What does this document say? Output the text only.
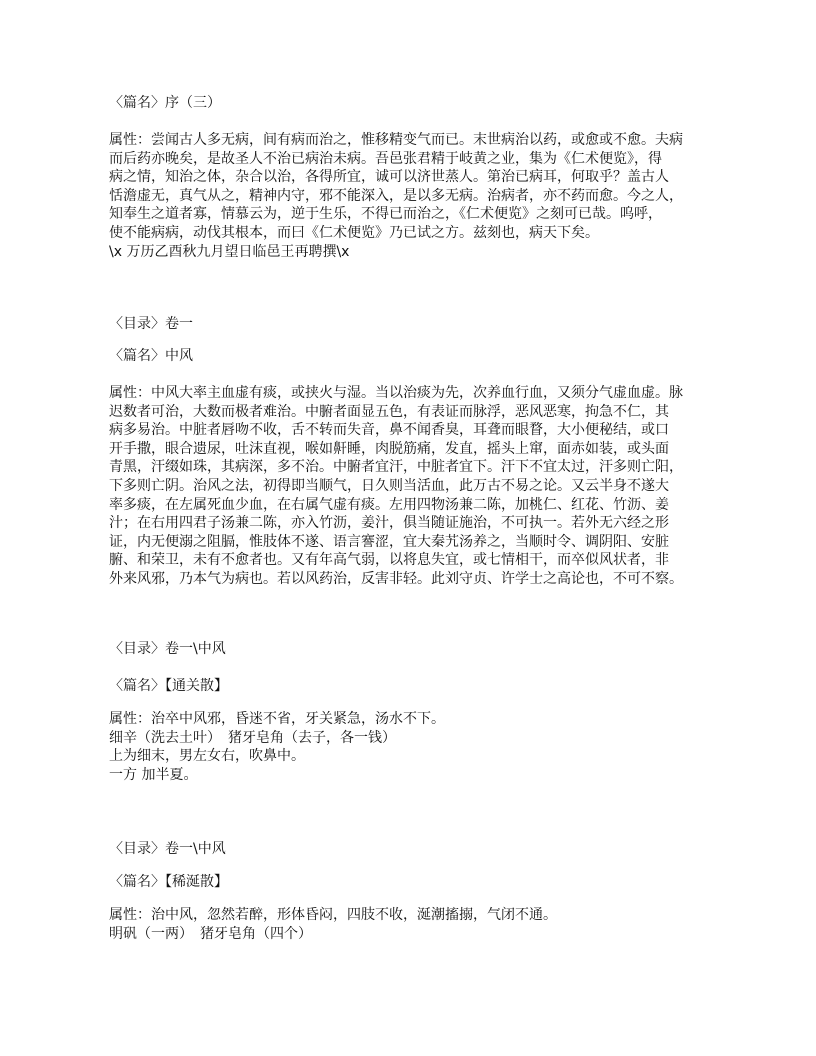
〈篇名〉序（三）
属性：尝闻古人多无病，间有病而治之，惟移精变气而已。末世病治以药，或愈或不愈。夫病
而后药亦晚矣，是故圣人不治已病治未病。吾邑张君精于岐黄之业，集为《仁术便览》，得
病之情，知治之体，杂合以治，各得所宜，诚可以济世蒸人。第治已病耳，何取乎？盖古人
恬澹虚无，真气从之，精神内守，邪不能深入，是以多无病。治病者，亦不药而愈。今之人，
知奉生之道者寡，情慕云为，逆于生乐，不得已而治之，《仁术便览》之刻可已哉。呜呼，
使不能病病，动伐其根本，而曰《仁术便览》乃已试之方。兹刻也，病天下矣。
\x 万历乙酉秋九月望日临邑王再聘撰\x
〈目录〉卷一
〈篇名〉中风
属性：中风大率主血虚有痰，或挟火与湿。当以治痰为先，次养血行血，又须分气虚血虚。脉
迟数者可治，大数而极者难治。中腑者面显五色，有表证而脉浮，恶风恶寒，拘急不仁，其
病多易治。中脏者唇吻不收，舌不转而失音，鼻不闻香臭，耳聋而眼瞀，大小便秘结，或口
开手撒，眼合遗尿，吐沫直视，喉如鼾睡，肉脱筋痛，发直，摇头上窜，面赤如装，或头面
青黑，汗缀如珠，其病深，多不治。中腑者宜汗，中脏者宜下。汗下不宜太过，汗多则亡阳，
下多则亡阴。治风之法，初得即当顺气，日久则当活血，此万古不易之论。又云半身不遂大
率多痰，在左属死血少血，在右属气虚有痰。左用四物汤兼二陈，加桃仁、红花、竹沥、姜
汁；在右用四君子汤兼二陈，亦入竹沥，姜汁，俱当随证施治，不可执一。若外无六经之形
证，内无便溺之阻膈，惟肢体不遂、语言謇涩，宜大秦艽汤养之，当顺时令、调阴阳、安脏
腑、和荣卫，未有不愈者也。又有年高气弱，以将息失宜，或七情相干，而卒似风状者，非
外来风邪，乃本气为病也。若以风药治，反害非轻。此刘守贞、许学士之高论也，不可不察。
〈目录〉卷一\中风
〈篇名〉【通关散】
属性：治卒中风邪，昏迷不省，牙关紧急，汤水不下。
细辛（洗去土叶）　猪牙皂角（去子，各一钱）
上为细末，男左女右，吹鼻中。
一方 加半夏。
〈目录〉卷一\中风
〈篇名〉【稀涎散】
属性：治中风，忽然若醉，形体昏闷，四肢不收，涎潮搐搦，气闭不通。
明矾（一两）　猪牙皂角（四个）
